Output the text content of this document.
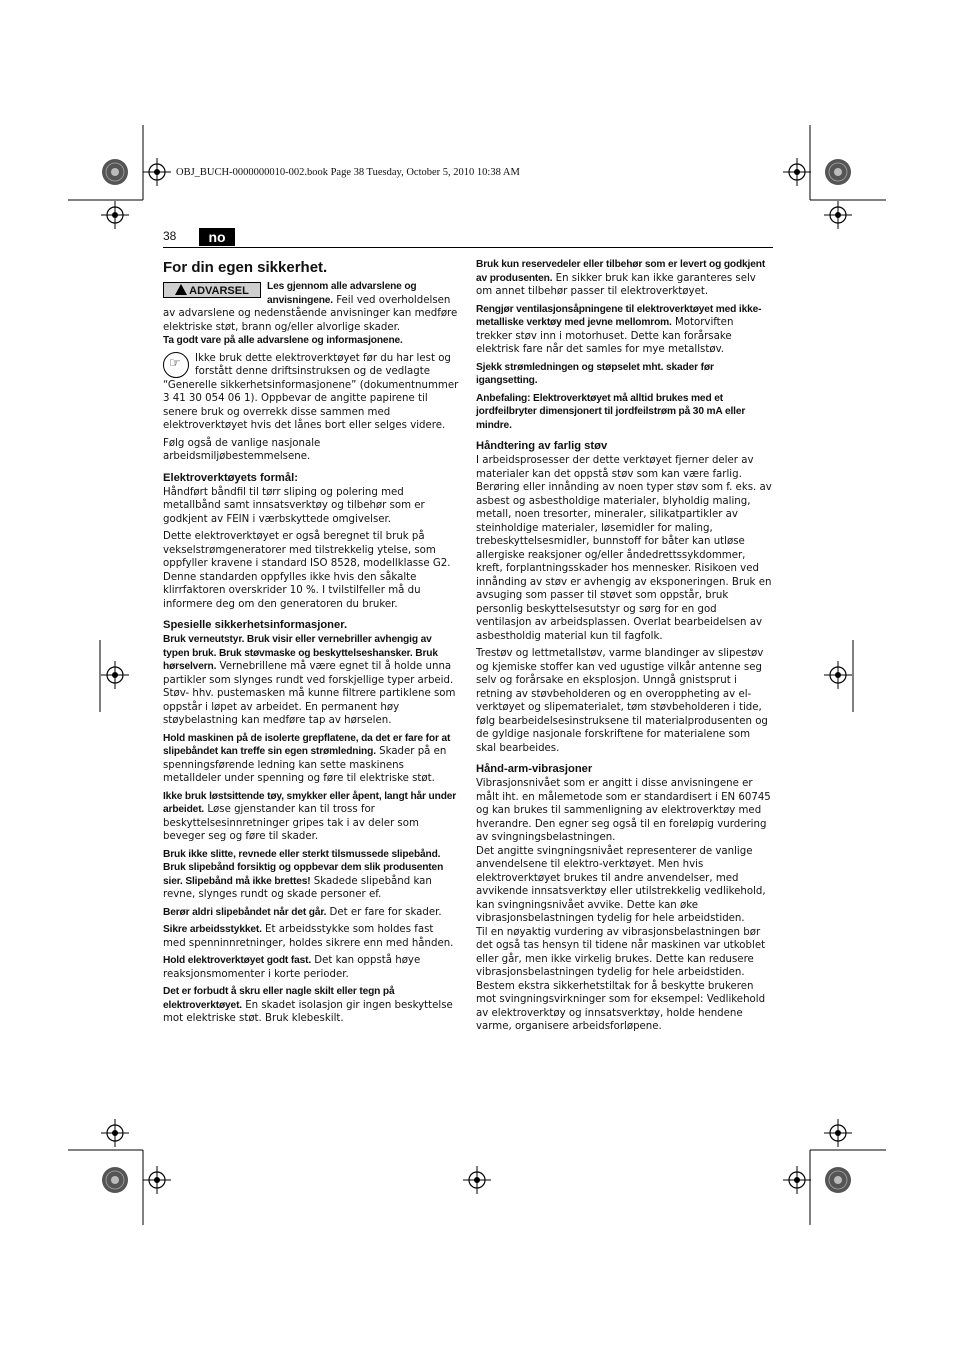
OBJ_BUCH-0000000010-002.book Page 38 Tuesday, October 5, 2010 10:38 AM
38	no
For din egen sikkerhet.

ADVARSEL	Les gjennom alle advarslene og anvisningene. Feil ved overholdelsen av advarslene og nedenstående anvisninger kan medføre elektriske støt, brann og/eller alvorlige skader.
Ta godt vare på alle advarslene og informasjonene.

☞ Ikke bruk dette elektroverktøyet før du har lest og forstått denne driftsinstruksen og de vedlagte “Generelle sikkerhetsinformasjonene” (dokumentnummer 3 41 30 054 06 1). Oppbevar de angitte papirene til senere bruk og overrekk disse sammen med elektroverktøyet hvis det lånes bort eller selges videre.

Følg også de vanlige nasjonale arbeidsmiljøbestemmelsene.

Elektroverktøyets formål:

Håndført båndfil til tørr sliping og polering med metallbånd samt innsatsverktøy og tilbehør som er godkjent av FEIN i værbskyttede omgivelser.

Dette elektroverktøyet er også beregnet til bruk på vekselstrømgeneratorer med tilstrekkelig ytelse, som oppfyller kravene i standard ISO 8528, modellklasse G2. Denne standarden oppfylles ikke hvis den såkalte klirrfaktoren overskrider 10 %. I tvilstilfeller må du informere deg om den generatoren du bruker.

Spesielle sikkerhetsinformasjoner.

Bruk verneutstyr. Bruk visir eller vernebriller avhengig av typen bruk. Bruk støvmaske og beskyttelseshansker. Bruk hørselvern. Vernebrillene må være egnet til å holde unna partikler som slynges rundt ved forskjellige typer arbeid. Støv- hhv. pustemasken må kunne filtrere partiklene som oppstår i løpet av arbeidet. En permanent høy støybelastning kan medføre tap av hørselen.

Hold maskinen på de isolerte grepflatene, da det er fare for at slipebåndet kan treffe sin egen strømledning. Skader på en spenningsførende ledning kan sette maskinens metalldeler under spenning og føre til elektriske støt.

Ikke bruk løstsittende tøy, smykker eller åpent, langt hår under arbeidet. Løse gjenstander kan til tross for beskyttelsesinnretninger gripes tak i av deler som beveger seg og føre til skader.

Bruk ikke slitte, revnede eller sterkt tilsmussede slipebånd. Bruk slipebånd forsiktig og oppbevar dem slik produsenten sier. Slipebånd må ikke brettes! Skadede slipebånd kan revne, slynges rundt og skade personer ef.

Berør aldri slipebåndet når det går. Det er fare for skader.

Sikre arbeidsstykket. Et arbeidsstykke som holdes fast med spenninnretninger, holdes sikrere enn med hånden.

Hold elektroverktøyet godt fast. Det kan oppstå høye reaksjonsmomenter i korte perioder.

Det er forbudt å skru eller nagle skilt eller tegn på elektroverktøyet. En skadet isolasjon gir ingen beskyttelse mot elektriske støt. Bruk klebeskilt.

Bruk kun reservedeler eller tilbehør som er levert og godkjent av produsenten. En sikker bruk kan ikke garanteres selv om annet tilbehør passer til elektroverktøyet.

Rengjør ventilasjonsåpningene til elektroverktøyet med ikke-metalliske verktøy med jevne mellomrom. Motorviften trekker støv inn i motorhuset. Dette kan forårsake elektrisk fare når det samles for mye metallstøv.

Sjekk strømledningen og støpselet mht. skader før igangsetting.

Anbefaling: Elektroverktøyet må alltid brukes med et jordfeilbryter dimensjonert til jordfeilstrøm på 30 mA eller mindre.

Håndtering av farlig støv

I arbeidsprosesser der dette verktøyet fjerner deler av materialer kan det oppstå støv som kan være farlig. Berøring eller innånding av noen typer støv som f. eks. av asbest og asbestholdige materialer, blyholdig maling, metall, noen tresorter, mineraler, silikatpartikler av steinholdige materialer, løsemidler for maling, trebeskyttelsesmidler, bunnstoff for båter kan utløse allergiske reaksjoner og/eller åndedrettssykdommer, kreft, forplantningsskader hos mennesker. Risikoen ved innånding av støv er avhengig av eksponeringen. Bruk en avsuging som passer til støvet som oppstår, bruk personlig beskyttelsesutstyr og sørg for en god ventilasjon av arbeidsplassen. Overlat bearbeidelsen av asbestholdig material kun til fagfolk.

Trestøv og lettmetallstøv, varme blandinger av slipestøv og kjemiske stoffer kan ved ugustige vilkår antenne seg selv og forårsake en eksplosjon. Unngå gnistsprut i retning av støvbeholderen og en overoppheting av el-verktøyet og slipematerialet, tøm støvbeholderen i tide, følg bearbeidelsesinstruksene til materialprodusenten og de gyldige nasjonale forskriftene for materialene som skal bearbeides.

Hånd-arm-vibrasjoner

Vibrasjonsnivået som er angitt i disse anvisningene er målt iht. en målemetode som er standardisert i EN 60745 og kan brukes til sammenligning av elektroverktøy med hverandre. Den egner seg også til en foreløpig vurdering av svingningsbelastningen.

Det angitte svingningsnivået representerer de vanlige anvendelsene til elektro-verktøyet. Men hvis elektroverktøyet brukes til andre anvendelser, med avvikende innsatsverktøy eller utilstrekkelig vedlikehold, kan svingningsnivået avvike. Dette kan øke vibrasjonsbelastningen tydelig for hele arbeidstiden.

Til en nøyaktig vurdering av vibrasjonsbelastningen bør det også tas hensyn til tidene når maskinen var utkoblet eller går, men ikke virkelig brukes. Dette kan redusere vibrasjonsbelastningen tydelig for hele arbeidstiden.

Bestem ekstra sikkerhetstiltak for å beskytte brukeren mot svingningsvirkninger som for eksempel: Vedlikehold av elektroverktøy og innsatsverktøy, holde hendene varme, organisere arbeidsforløpene.
